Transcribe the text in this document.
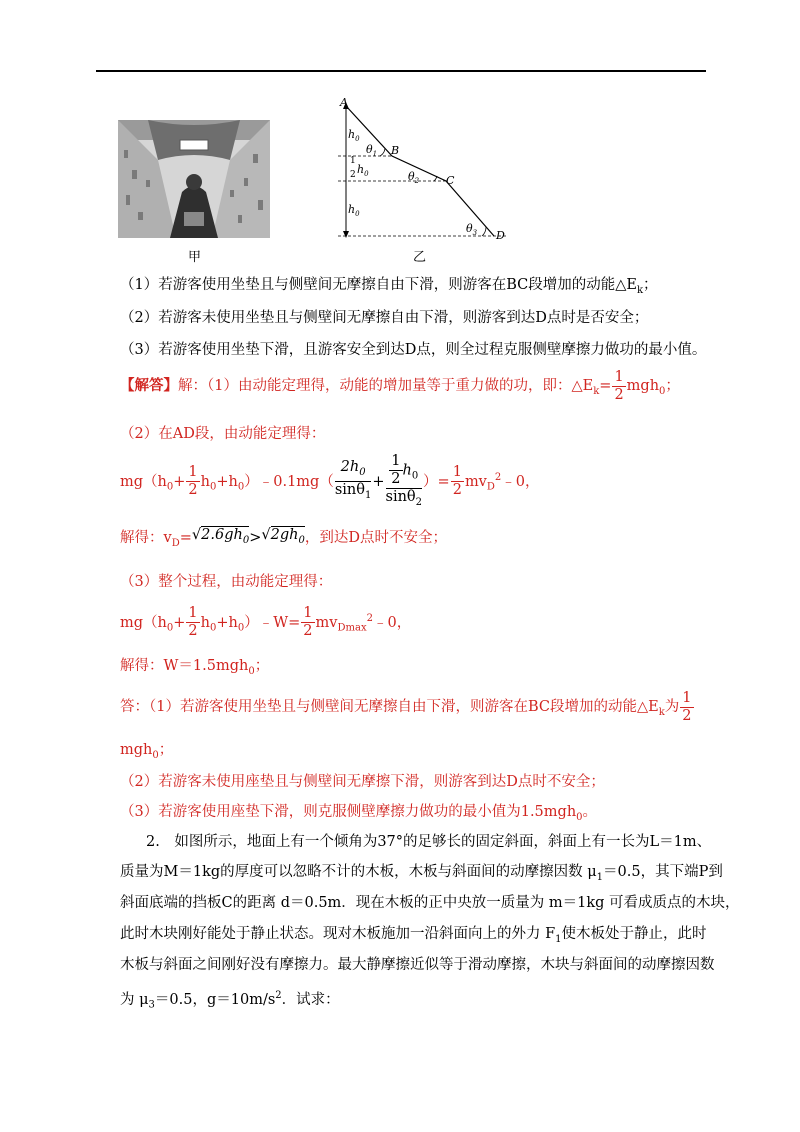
甲
A
B
C
D
$h_0$
1
$h_0$
2
$h_0$
$\theta_1$
$\theta_2$
$\theta_3$
乙
（1）若游客使用坐垫且与侧壁间无摩擦自由下滑，则游客在BC段增加的动能$\triangle E_k$；
（2）若游客未使用坐垫且与侧壁间无摩擦自由下滑，则游客到达D点时是否安全；
（3）若游客使用坐垫下滑，且游客安全到达D点，则全过程克服侧壁摩擦力做功的最小值。
【解答】解：（1）由动能定理得，动能的增加量等于重力做的功，即：$\triangle E_k= \frac{1}{2} mgh_0$；
（2）在AD段，由动能定理得：
$mg(h_0+ \frac{1}{2}$ $h_0+h_0)﹣0.1mg( \frac{2h_0}{\sin\theta_1} + \frac{\frac{1}{2} h_0}{\sin\theta_2}$ ）= $\frac{1}{2}$ $mv_D^2﹣0$，
解得：$v_D=√2.6gh_0>√2gh_0$，到达D点时不安全；
（3）整个过程，由动能定理得：
$mg(h_0+ \frac{1}{2}$ $h_0+h_0)﹣W= \frac{1}{2}$ $mv_{Dmax}^2﹣0$，
解得：W＝1.5mgh$_0$；
答：（1）若游客使用坐垫且与侧壁间无摩擦自由下滑，则游客在BC段增加的动能$\triangle E_k$为 $\frac{1}{2}$
mgh$_0$；
（2）若游客未使用座垫且与侧壁间无摩擦下滑，则游客到达D点时不安全；
（3）若游客使用座垫下滑，则克服侧壁摩擦力做功的最小值为1.5mgh$_0$。
2.　如图所示，地面上有一个倾角为37°的足够长的固定斜面，斜面上有一长为L＝1m、
质量为M＝1kg的厚度可以忽略不计的木板，木板与斜面间的动摩擦因数 $\mu_1=0.5$，其下端P到
斜面底端的挡板C的距离 d＝0.5m．现在木板的正中央放一质量为 m＝1kg 可看成质点的木块，
此时木块刚好能处于静止状态。现对木板施加一沿斜面向上的外力 $F_1$使木板处于静止，此时
木板与斜面之间刚好没有摩擦力。最大静摩擦近似等于滑动摩擦，木块与斜面间的动摩擦因数
为 $\mu_3=0.5$，$g=10m/s^2$．试求：
